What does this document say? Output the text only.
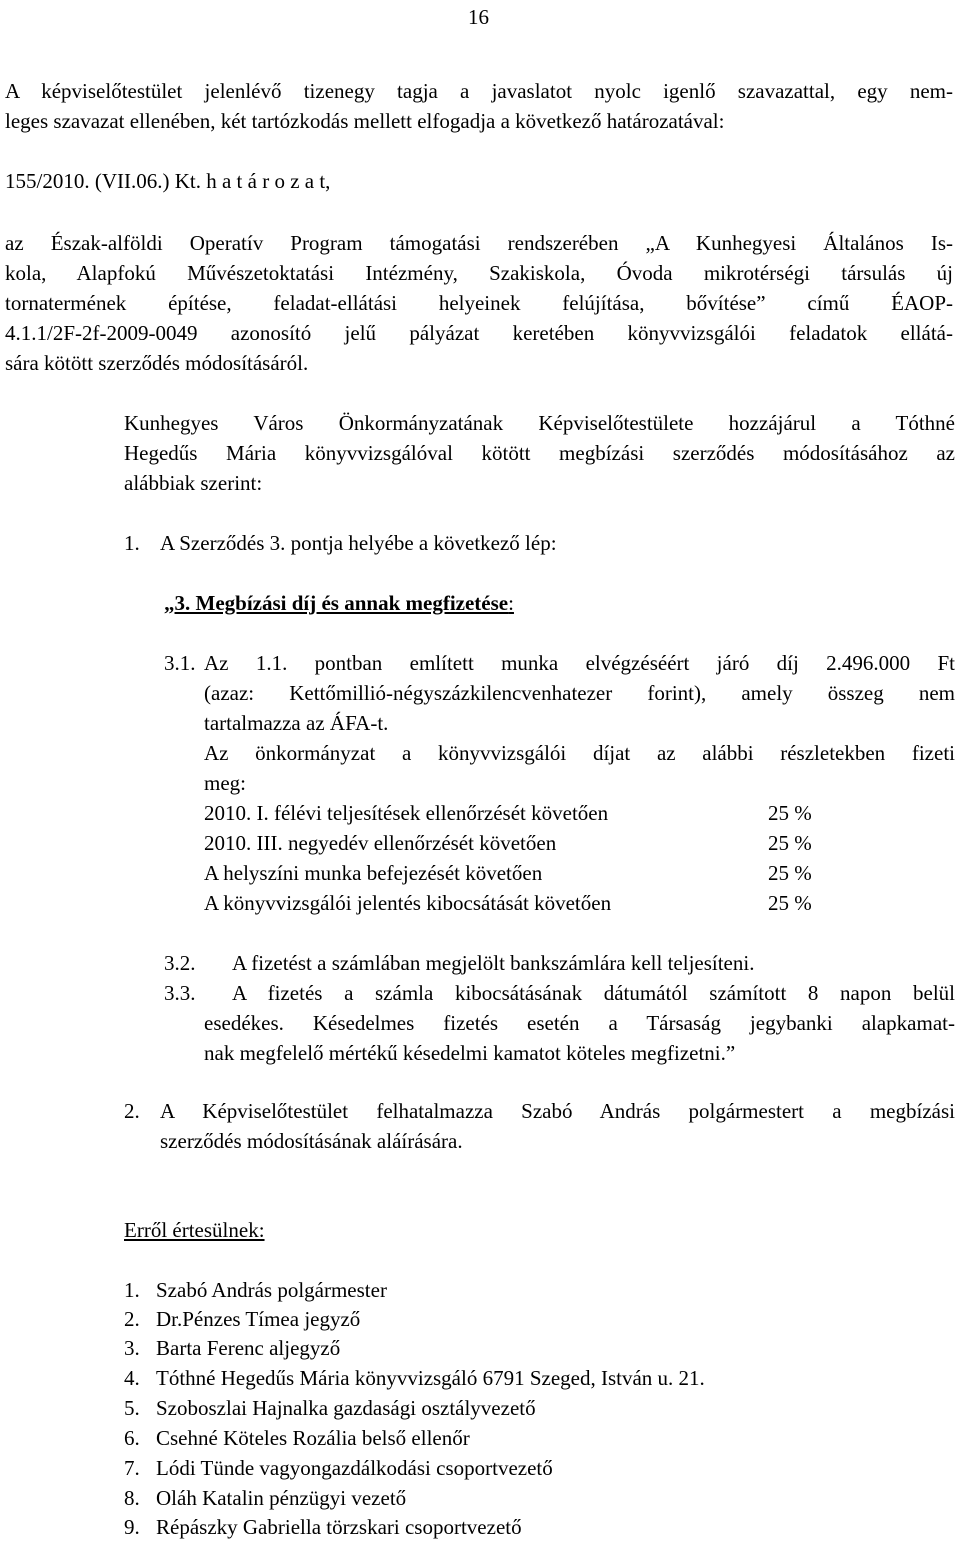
16
A képviselőtestület jelenlévő tizenegy tagja a javaslatot nyolc igenlő szavazattal, egy nem-
leges szavazat ellenében, két tartózkodás mellett elfogadja a következő határozatával:
155/2010. (VII.06.) Kt. h a t á r o z a t,
az Észak-alföldi Operatív Program támogatási rendszerében „A Kunhegyesi Általános Is-
kola, Alapfokú Művészetoktatási Intézmény, Szakiskola, Óvoda mikrotérségi társulás új
tornatermének építése, feladat-ellátási helyeinek felújítása, bővítése” című ÉAOP-
4.1.1/2F-2f-2009-0049 azonosító jelű pályázat keretében könyvvizsgálói feladatok ellátá-
sára kötött szerződés módosításáról.
Kunhegyes Város Önkormányzatának Képviselőtestülete hozzájárul a Tóthné
Hegedűs Mária könyvvizsgálóval kötött megbízási szerződés módosításához az
alábbiak szerint:
1. A Szerződés 3. pontja helyébe a következő lép:
„3. Megbízási díj és annak megfizetése:
3.1. Az 1.1. pontban említett munka elvégzéséért járó díj 2.496.000 Ft
(azaz: Kettőmillió-négyszázkilencvenhatezer forint), amely összeg nem
tartalmazza az ÁFA-t.
Az önkormányzat a könyvvizsgálói díjat az alábbi részletekben fizeti
meg:
2010. I. félévi teljesítések ellenőrzését követően	25 %
2010. III. negyedév ellenőrzését követően	25 %
A helyszíni munka befejezését követően	25 %
A könyvvizsgálói jelentés kibocsátását követően	25 %
3.2. A fizetést a számlában megjelölt bankszámlára kell teljesíteni.
3.3. A fizetés a számla kibocsátásának dátumától számított 8 napon belül
esedékes. Késedelmes fizetés esetén a Társaság jegybanki alapkamat-
nak megfelelő mértékű késedelmi kamatot köteles megfizetni.”
2. A Képviselőtestület felhatalmazza Szabó András polgármestert a megbízási
szerződés módosításának aláírására.
Erről értesülnek:
1. Szabó András polgármester
2. Dr.Pénzes Tímea jegyző
3. Barta Ferenc aljegyző
4. Tóthné Hegedűs Mária könyvvizsgáló 6791 Szeged, István u. 21.
5. Szoboszlai Hajnalka gazdasági osztályvezető
6. Csehné Köteles Rozália belső ellenőr
7. Lódi Tünde vagyongazdálkodási csoportvezető
8. Oláh Katalin pénzügyi vezető
9. Répászky Gabriella törzskari csoportvezető
